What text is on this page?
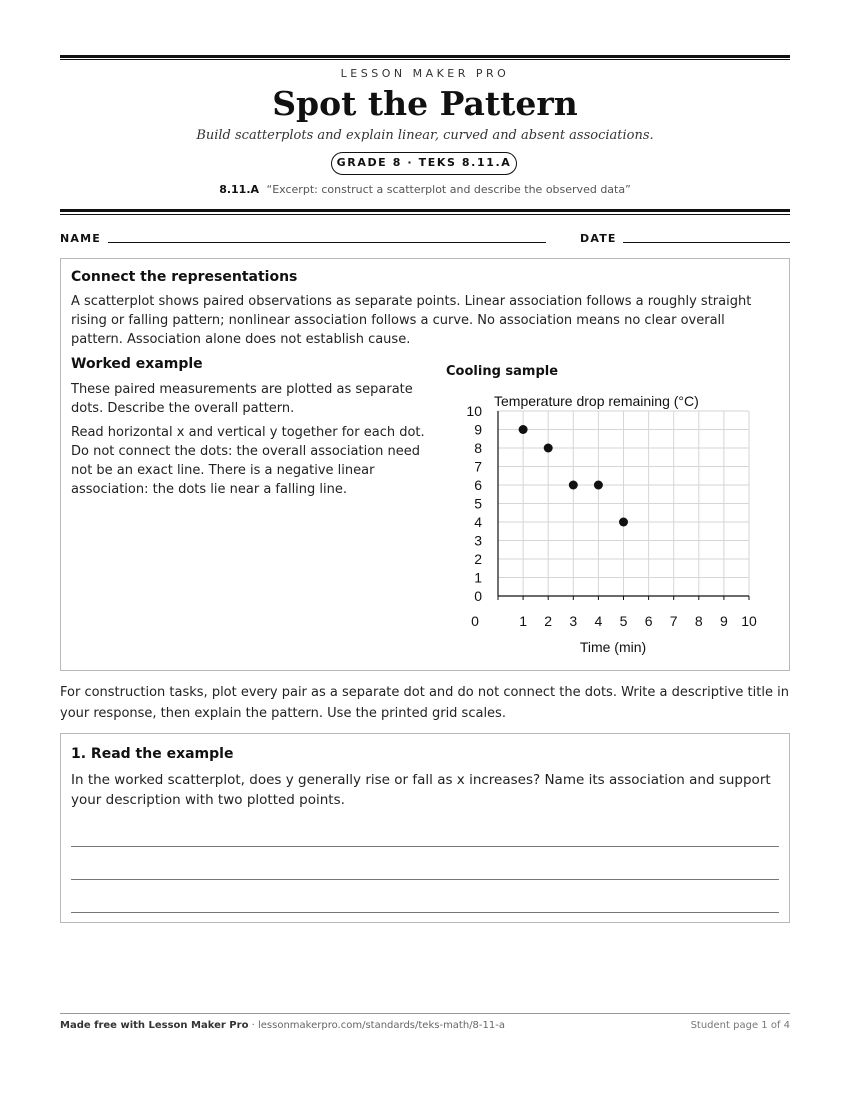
LESSON MAKER PRO
Spot the Pattern
Build scatterplots and explain linear, curved and absent associations.
GRADE 8 · TEKS 8.11.A
8.11.A “Excerpt: construct a scatterplot and describe the observed data”
NAME	DATE
Connect the representations
A scatterplot shows paired observations as separate points. Linear association follows a roughly straight rising or falling pattern; nonlinear association follows a curve. No association means no clear overall pattern. Association alone does not establish cause.
Worked example
These paired measurements are plotted as separate dots. Describe the overall pattern.
Read horizontal x and vertical y together for each dot. Do not connect the dots: the overall association need not be an exact line. There is a negative linear association: the dots lie near a falling line.
Cooling sample
Temperature drop remaining (°C)
0	1 2 3 4 5 6 7 8 9 10
0
1
2
3
4
5
6
7
8
9
10
Time (min)
For construction tasks, plot every pair as a separate dot and do not connect the dots. Write a descriptive title in your response, then explain the pattern. Use the printed grid scales.
1. Read the example
In the worked scatterplot, does y generally rise or fall as x increases? Name its association and support your description with two plotted points.
Made free with Lesson Maker Pro · lessonmakerpro.com/standards/teks-math/8-11-a	Student page 1 of 4
